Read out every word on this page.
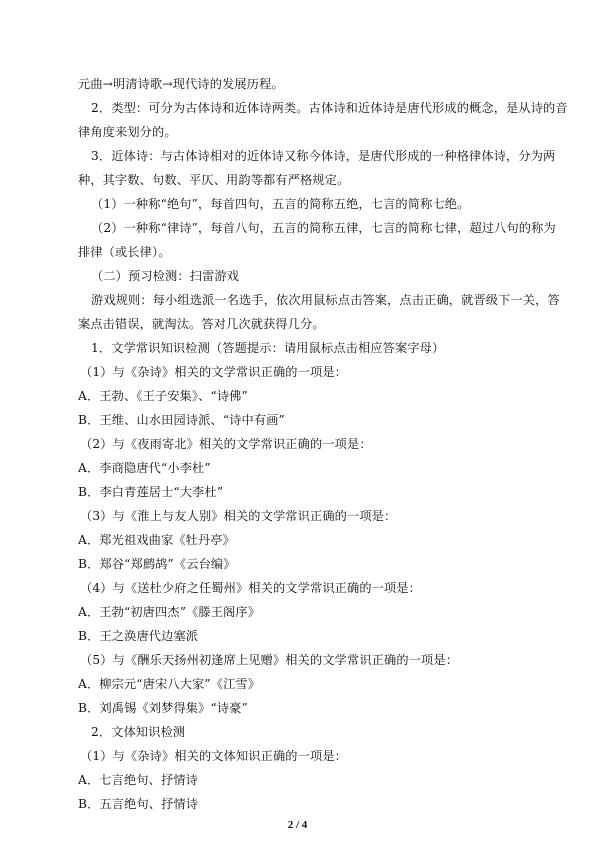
元曲→明清诗歌→现代诗的发展历程。
2．类型：可分为古体诗和近体诗两类。古体诗和近体诗是唐代形成的概念，是从诗的音
律角度来划分的。
3．近体诗：与古体诗相对的近体诗又称今体诗，是唐代形成的一种格律体诗，分为两
种，其字数、句数、平仄、用韵等都有严格规定。
（1）一种称“绝句”，每首四句，五言的简称五绝，七言的简称七绝。
（2）一种称“律诗”，每首八句，五言的简称五律，七言的简称七律，超过八句的称为
排律（或长律）。
（二）预习检测：扫雷游戏
游戏规则：每小组选派一名选手，依次用鼠标点击答案，点击正确，就晋级下一关，答
案点击错误，就淘汰。答对几次就获得几分。
1．文学常识知识检测（答题提示：请用鼠标点击相应答案字母）
（1）与《杂诗》相关的文学常识正确的一项是：
A．王勃、《王子安集》、“诗佛”
B．王维、山水田园诗派、“诗中有画”
（2）与《夜雨寄北》相关的文学常识正确的一项是：
A．李商隐唐代“小李杜”
B．李白青莲居士“大李杜”
（3）与《淮上与友人别》相关的文学常识正确的一项是：
A．郑光祖戏曲家《牡丹亭》
B．郑谷“郑鹧鸪”《云台编》
（4）与《送杜少府之任蜀州》相关的文学常识正确的一项是：
A．王勃“初唐四杰”《滕王阁序》
B．王之涣唐代边塞派
（5）与《酬乐天扬州初逢席上见赠》相关的文学常识正确的一项是：
A．柳宗元“唐宋八大家”《江雪》
B．刘禹锡《刘梦得集》“诗豪”
2．文体知识检测
（1）与《杂诗》相关的文体知识正确的一项是：
A．七言绝句、抒情诗
B．五言绝句、抒情诗
2 / 4
